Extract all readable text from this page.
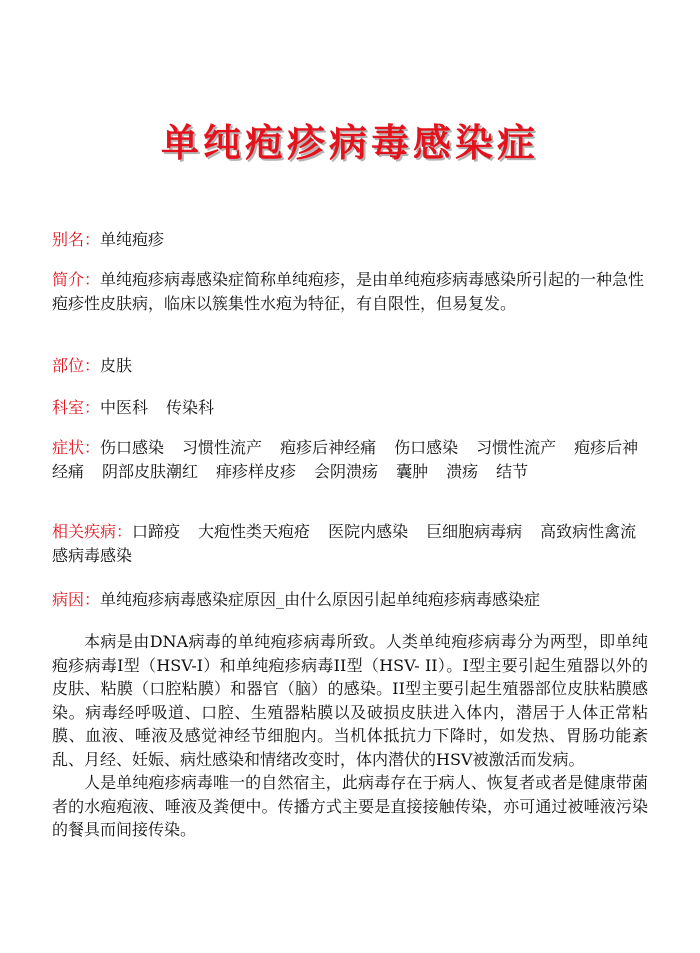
单纯疱疹病毒感染症
别名：单纯疱疹
简介：单纯疱疹病毒感染症简称单纯疱疹，是由单纯疱疹病毒感染所引起的一种急性疱疹性皮肤病，临床以簇集性水疱为特征，有自限性，但易复发。
部位：皮肤
科室：中医科 传染科
症状：伤口感染 习惯性流产 疱疹后神经痛 伤口感染 习惯性流产 疱疹后神经痛 阴部皮肤潮红 痱疹样皮疹 会阴溃疡 囊肿 溃疡 结节
相关疾病：口蹄疫 大疱性类天疱疮 医院内感染 巨细胞病毒病 高致病性禽流感病毒感染
病因：单纯疱疹病毒感染症原因_由什么原因引起单纯疱疹病毒感染症

本病是由DNA病毒的单纯疱疹病毒所致。人类单纯疱疹病毒分为两型，即单纯疱疹病毒I型（HSV-I）和单纯疱疹病毒II型（HSV- II）。I型主要引起生殖器以外的皮肤、粘膜（口腔粘膜）和器官（脑）的感染。II型主要引起生殖器部位皮肤粘膜感染。病毒经呼吸道、口腔、生殖器粘膜以及破损皮肤进入体内，潜居于人体正常粘膜、血液、唾液及感觉神经节细胞内。当机体抵抗力下降时，如发热、胃肠功能紊乱、月经、妊娠、病灶感染和情绪改变时，体内潜伏的HSV被激活而发病。

人是单纯疱疹病毒唯一的自然宿主，此病毒存在于病人、恢复者或者是健康带菌者的水疱疱液、唾液及粪便中。传播方式主要是直接接触传染，亦可通过被唾液污染的餐具而间接传染。
